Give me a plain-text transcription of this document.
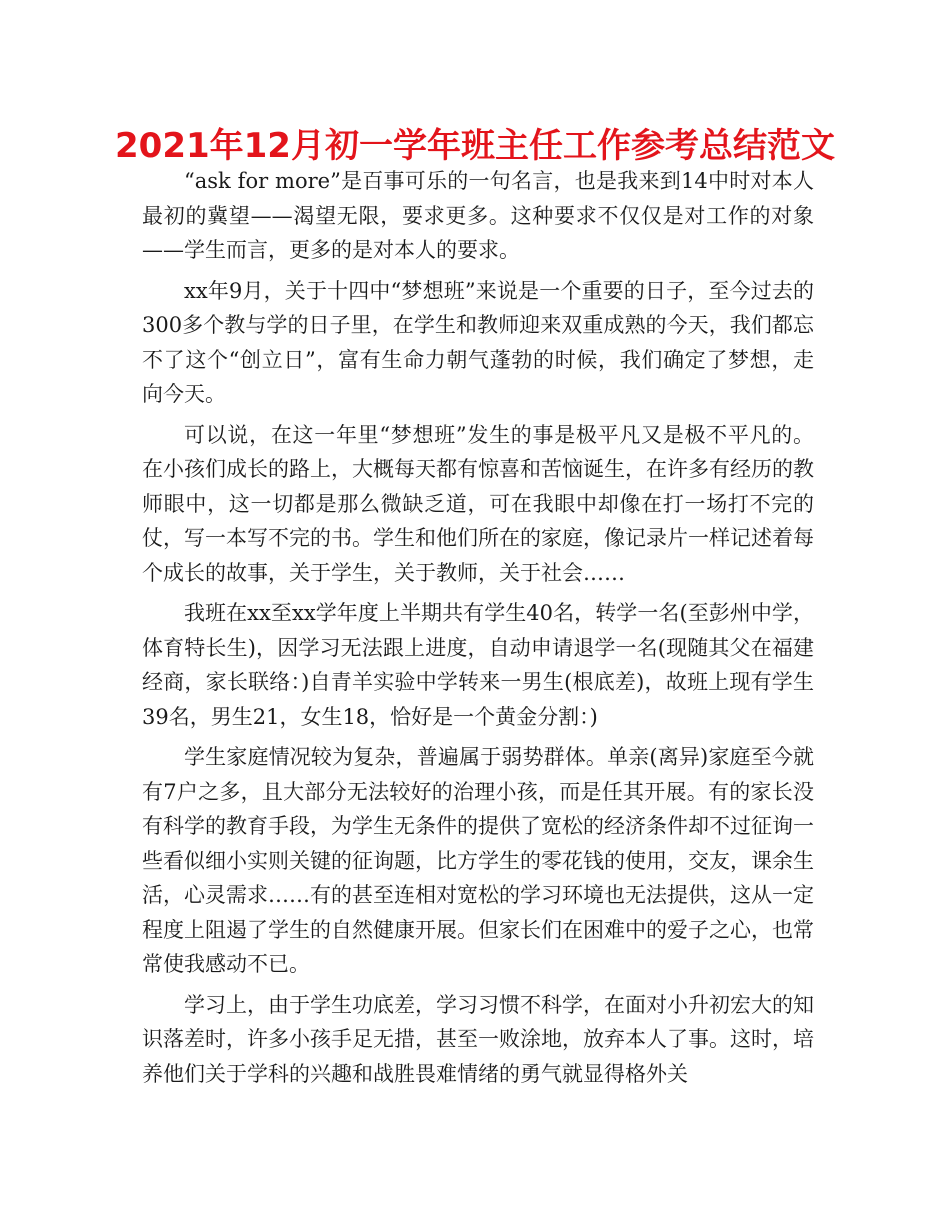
2021年12月初一学年班主任工作参考总结范文

“ask for more”是百事可乐的一句名言，也是我来到14中时对本人最初的冀望——渴望无限，要求更多。这种要求不仅仅是对工作的对象——学生而言，更多的是对本人的要求。

xx年9月，关于十四中“梦想班”来说是一个重要的日子，至今过去的300多个教与学的日子里，在学生和教师迎来双重成熟的今天，我们都忘不了这个“创立日”，富有生命力朝气蓬勃的时候，我们确定了梦想，走向今天。

可以说，在这一年里“梦想班”发生的事是极平凡又是极不平凡的。在小孩们成长的路上，大概每天都有惊喜和苦恼诞生，在许多有经历的教师眼中，这一切都是那么微缺乏道，可在我眼中却像在打一场打不完的仗，写一本写不完的书。学生和他们所在的家庭，像记录片一样记述着每个成长的故事，关于学生，关于教师，关于社会……

我班在xx至xx学年度上半期共有学生40名，转学一名(至彭州中学，体育特长生)，因学习无法跟上进度，自动申请退学一名(现随其父在福建经商，家长联络：)自青羊实验中学转来一男生(根底差)，故班上现有学生39名，男生21，女生18，恰好是一个黄金分割：)

学生家庭情况较为复杂，普遍属于弱势群体。单亲(离异)家庭至今就有7户之多，且大部分无法较好的治理小孩，而是任其开展。有的家长没有科学的教育手段，为学生无条件的提供了宽松的经济条件却不过征询一些看似细小实则关键的征询题，比方学生的零花钱的使用，交友，课余生活，心灵需求……有的甚至连相对宽松的学习环境也无法提供，这从一定程度上阻遏了学生的自然健康开展。但家长们在困难中的爱子之心，也常常使我感动不已。

学习上，由于学生功底差，学习习惯不科学，在面对小升初宏大的知识落差时，许多小孩手足无措，甚至一败涂地，放弃本人了事。这时，培养他们关于学科的兴趣和战胜畏难情绪的勇气就显得格外关
